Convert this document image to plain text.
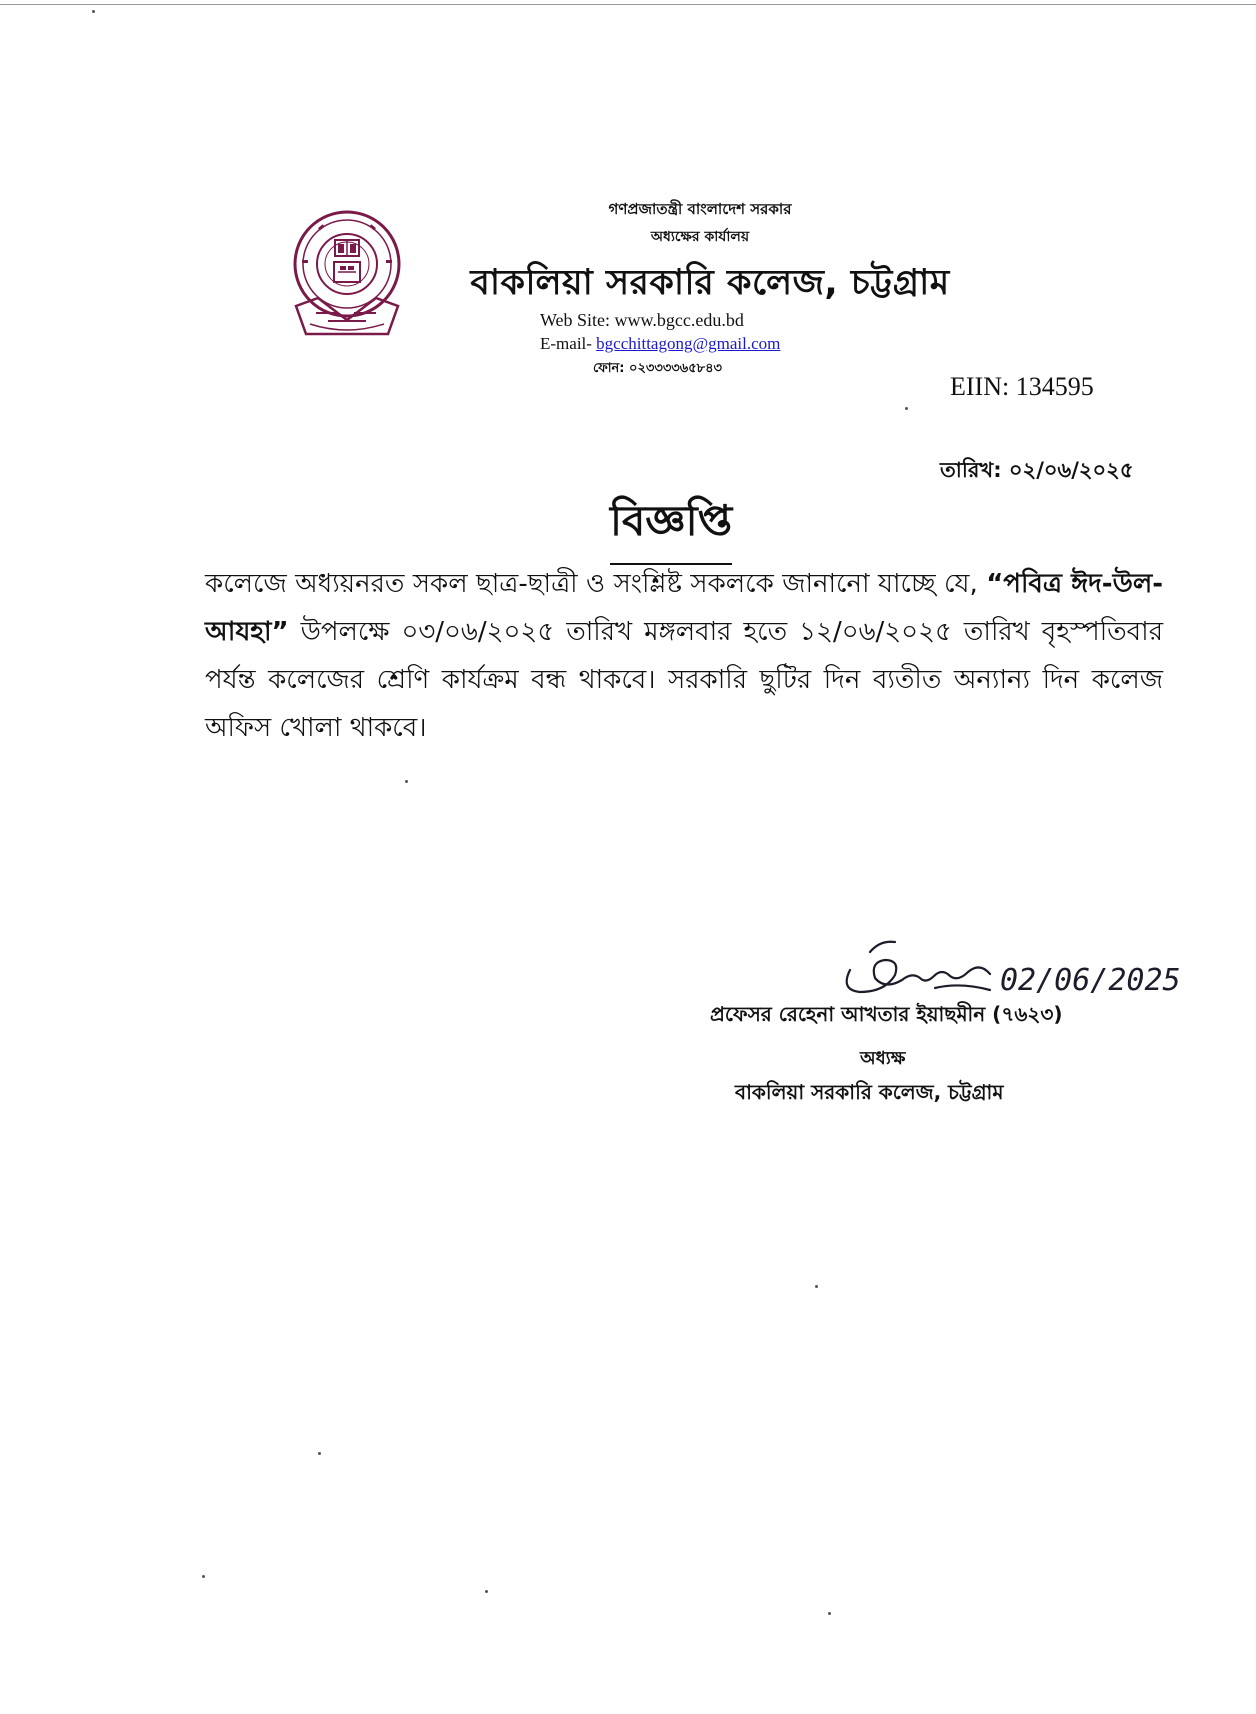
গণপ্রজাতন্ত্রী বাংলাদেশ সরকার
অধ্যক্ষের কার্যালয়
বাকলিয়া সরকারি কলেজ, চট্টগ্রাম
Web Site: www.bgcc.edu.bd
E-mail- bgcchittagong@gmail.com
ফোন: ০২৩৩৩৩৬৫৮৪৩
EIIN: 134595
তারিখ: ০২/০৬/২০২৫
বিজ্ঞপ্তি
কলেজে অধ্যয়নরত সকল ছাত্র-ছাত্রী ও সংশ্লিষ্ট সকলকে জানানো যাচ্ছে যে, “পবিত্র ঈদ-উল-আযহা” উপলক্ষে ০৩/০৬/২০২৫ তারিখ মঙ্গলবার হতে ১২/০৬/২০২৫ তারিখ বৃহস্পতিবার পর্যন্ত কলেজের শ্রেণি কার্যক্রম বন্ধ থাকবে। সরকারি ছুটির দিন ব্যতীত অন্যান্য দিন কলেজ অফিস খোলা থাকবে।
02/06/2025
প্রফেসর রেহেনা আখতার ইয়াছমীন (৭৬২৩)
অধ্যক্ষ
বাকলিয়া সরকারি কলেজ, চট্টগ্রাম
